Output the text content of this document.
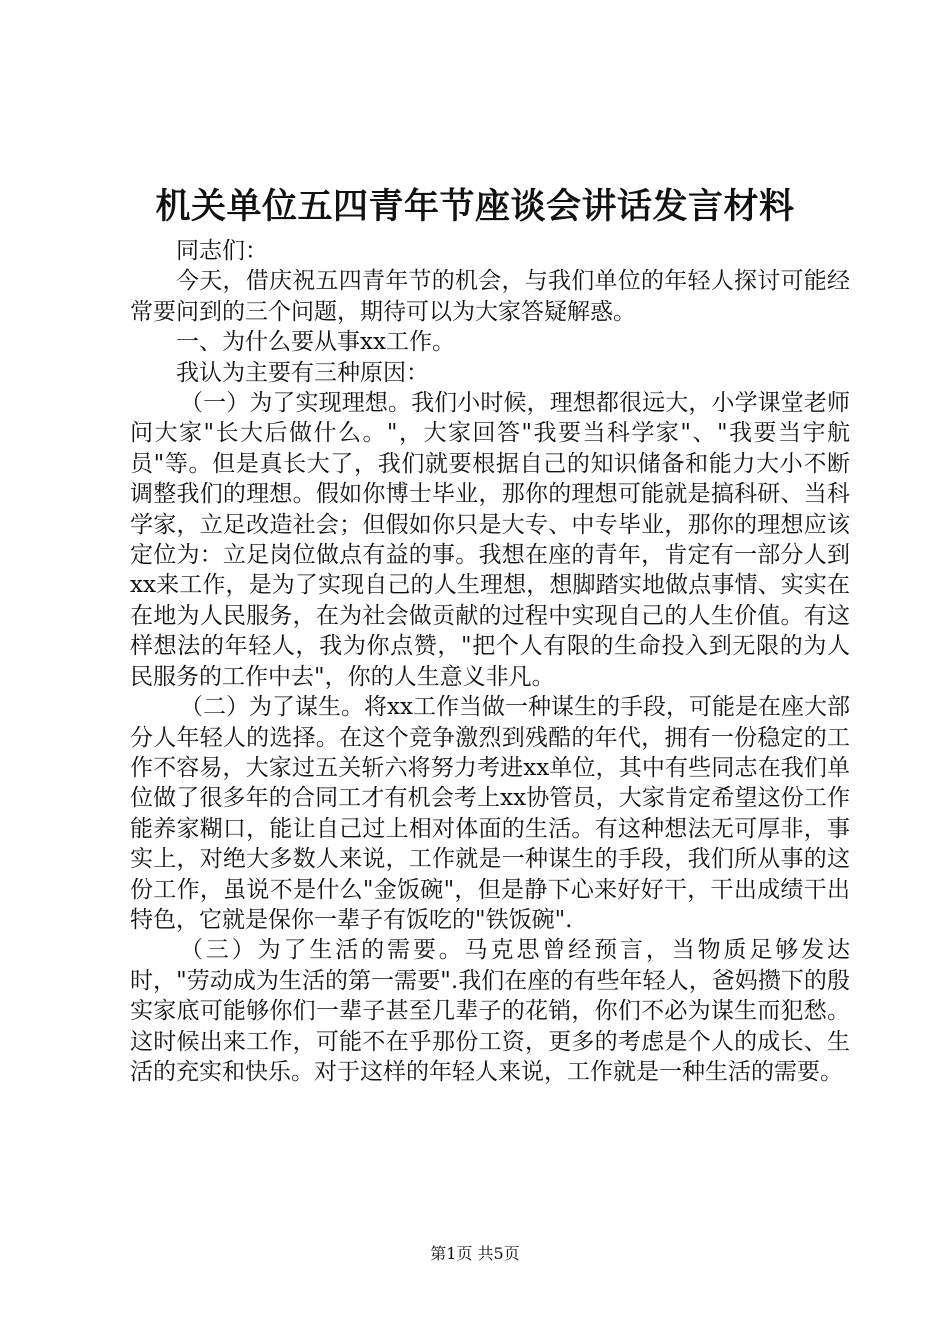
机关单位五四青年节座谈会讲话发言材料

同志们：

今天，借庆祝五四青年节的机会，与我们单位的年轻人探讨可能经常要问到的三个问题，期待可以为大家答疑解惑。

一、为什么要从事xx工作。

我认为主要有三种原因：

（一）为了实现理想。我们小时候，理想都很远大，小学课堂老师问大家"长大后做什么。"，大家回答"我要当科学家"、"我要当宇航员"等。但是真长大了，我们就要根据自己的知识储备和能力大小不断调整我们的理想。假如你博士毕业，那你的理想可能就是搞科研、当科学家，立足改造社会；但假如你只是大专、中专毕业，那你的理想应该定位为：立足岗位做点有益的事。我想在座的青年，肯定有一部分人到xx来工作，是为了实现自己的人生理想，想脚踏实地做点事情、实实在在地为人民服务，在为社会做贡献的过程中实现自己的人生价值。有这样想法的年轻人，我为你点赞，"把个人有限的生命投入到无限的为人民服务的工作中去"，你的人生意义非凡。

（二）为了谋生。将xx工作当做一种谋生的手段，可能是在座大部分人年轻人的选择。在这个竞争激烈到残酷的年代，拥有一份稳定的工作不容易，大家过五关斩六将努力考进xx单位，其中有些同志在我们单位做了很多年的合同工才有机会考上xx协管员，大家肯定希望这份工作能养家糊口，能让自己过上相对体面的生活。有这种想法无可厚非，事实上，对绝大多数人来说，工作就是一种谋生的手段，我们所从事的这份工作，虽说不是什么"金饭碗"，但是静下心来好好干，干出成绩干出特色，它就是保你一辈子有饭吃的"铁饭碗".

（三）为了生活的需要。马克思曾经预言，当物质足够发达时，"劳动成为生活的第一需要".我们在座的有些年轻人，爸妈攒下的殷实家底可能够你们一辈子甚至几辈子的花销，你们不必为谋生而犯愁。这时候出来工作，可能不在乎那份工资，更多的考虑是个人的成长、生活的充实和快乐。对于这样的年轻人来说，工作就是一种生活的需要。

第1页 共5页
